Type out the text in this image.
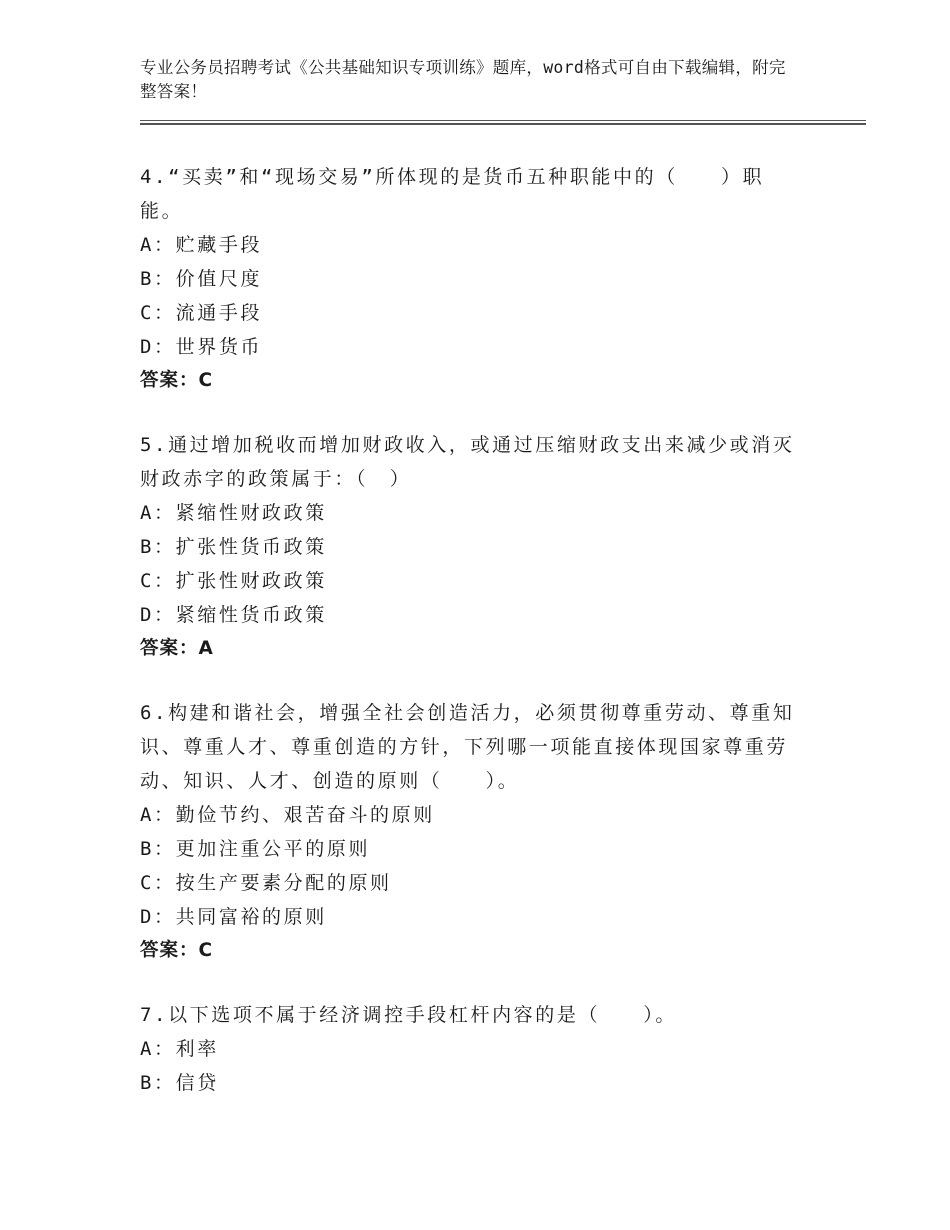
专业公务员招聘考试《公共基础知识专项训练》题库，word格式可自由下载编辑，附完整答案！

4.“买卖”和“现场交易”所体现的是货币五种职能中的（　　）职能。

A：贮藏手段

B：价值尺度

C：流通手段

D：世界货币

答案：C

5.通过增加税收而增加财政收入，或通过压缩财政支出来减少或消灭财政赤字的政策属于：（　）

A：紧缩性财政政策

B：扩张性货币政策

C：扩张性财政政策

D：紧缩性货币政策

答案：A

6.构建和谐社会，增强全社会创造活力，必须贯彻尊重劳动、尊重知识、尊重人才、尊重创造的方针，下列哪一项能直接体现国家尊重劳动、知识、人才、创造的原则（　　）。

A：勤俭节约、艰苦奋斗的原则

B：更加注重公平的原则

C：按生产要素分配的原则

D：共同富裕的原则

答案：C

7.以下选项不属于经济调控手段杠杆内容的是（　　）。

A：利率

B：信贷
